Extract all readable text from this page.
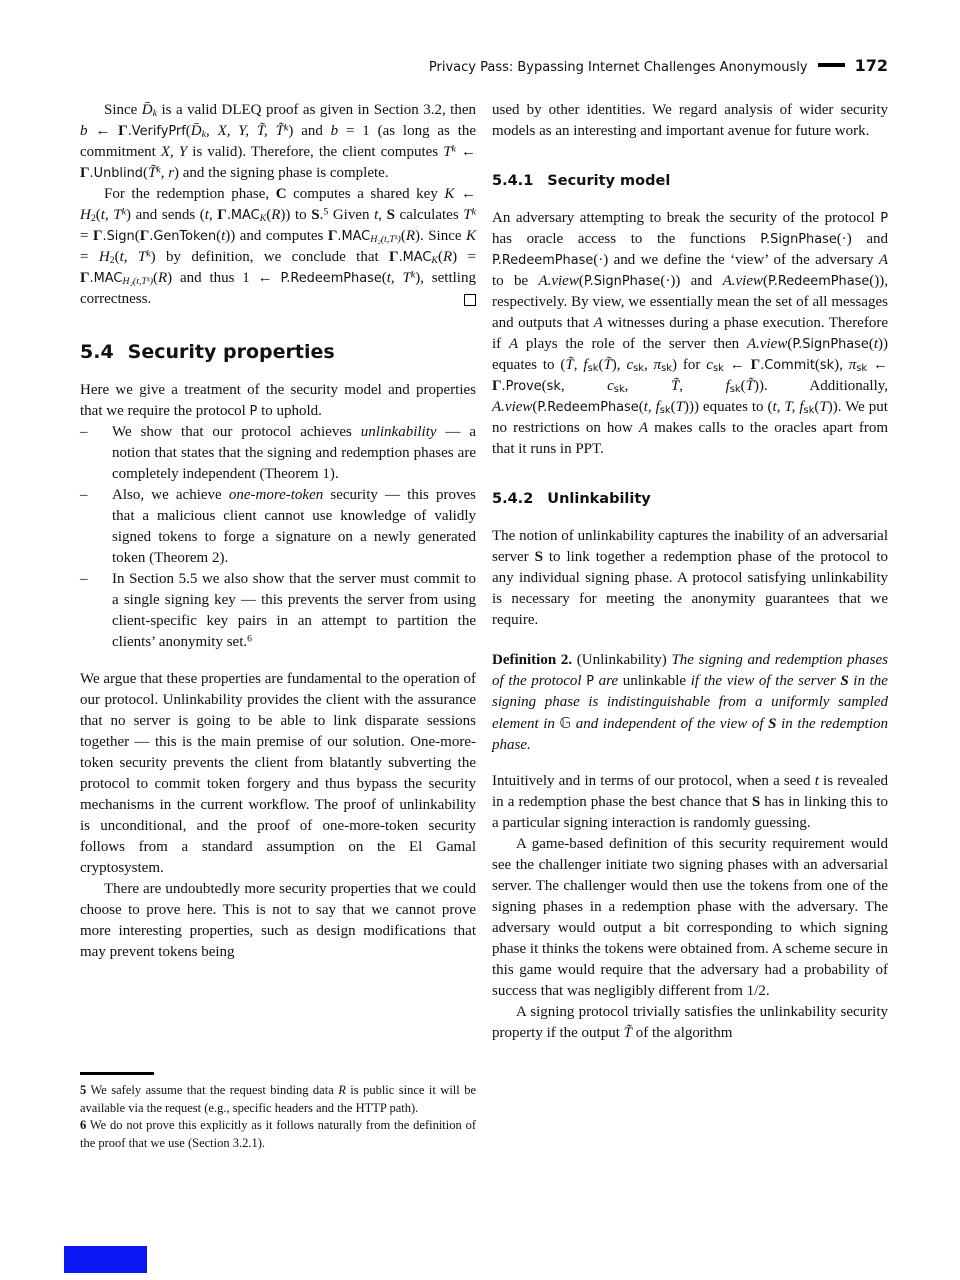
Privacy Pass: Bypassing Internet Challenges Anonymously	172

Since $D̄_k$ is a valid DLEQ proof as given in Section 3.2, then b ← $\Gamma.VerifyPrf(D̄_k$, X, Y, T̃, T̃$^k$) and b = 1 (as long as the commitment X, Y is valid). Therefore, the client computes $T^k$ ← Γ.Unblind(T̃$^k$, r) and the signing phase is complete.

For the redemption phase, C computes a shared key K ← $H_2(t$, $T^k$) and sends (t, $\Gamma.MAC_K(R)$) to S.$^5$ Given t, S calculates $T^k$ = Γ.Sign(Γ.GenToken(t)) and computes $\Gamma.MAC_{H_2(t,Tᵏ)}(R)$. Since $K = H_2(t$, $T^k$) by definition, we conclude that $\Gamma.MAC_K(R) = \Gamma.MAC_{H_2(t,Tᵏ)}(R)$ and thus 1 ← P.RedeemPhase(t, $T^k$), settling correctness.

5.4 Security properties

Here we give a treatment of the security model and properties that we require the protocol P to uphold.

–	We show that our protocol achieves unlinkability — a notion that states that the signing and redemption phases are completely independent (Theorem 1).
–	Also, we achieve one-more-token security — this proves that a malicious client cannot use knowledge of validly signed tokens to forge a signature on a newly generated token (Theorem 2).
–	In Section 5.5 we also show that the server must commit to a single signing key — this prevents the server from using client-specific key pairs in an attempt to partition the clients’ anonymity set.$^6$

We argue that these properties are fundamental to the operation of our protocol. Unlinkability provides the client with the assurance that no server is going to be able to link disparate sessions together — this is the main premise of our solution. One-more-token security prevents the client from blatantly subverting the protocol to commit token forgery and thus bypass the security mechanisms in the current workflow. The proof of unlinkability is unconditional, and the proof of one-more-token security follows from a standard assumption on the El Gamal cryptosystem.

There are undoubtedly more security properties that we could choose to prove here. This is not to say that we cannot prove more interesting properties, such as design modifications that may prevent tokens being

used by other identities. We regard analysis of wider security models as an interesting and important avenue for future work.

5.4.1 Security model

An adversary attempting to break the security of the protocol P has oracle access to the functions P.SignPhase(·) and P.RedeemPhase(·) and we define the ‘view’ of the adversary A to be A.view(P.SignPhase(·)) and A.view(P.RedeemPhase()), respectively. By view, we essentially mean the set of all messages and outputs that A witnesses during a phase execution. Therefore if A plays the role of the server then A.view(P.SignPhase(t)) equates to (T̃, $f_{sk}(T̃)$, $c_{sk}$, $\pi_{sk}$) for $c_{sk}$ ← Γ.Commit(sk), $\pi_{sk}$ ← Γ.Prove(sk, $c_{sk}$, T̃, $f_{sk}(T̃)$). Additionally, A.view(P.RedeemPhase(t, $f_{sk}(T)$)) equates to (t, T, $f_{sk}(T)$). We put no restrictions on how A makes calls to the oracles apart from that it runs in PPT.

5.4.2 Unlinkability

The notion of unlinkability captures the inability of an adversarial server S to link together a redemption phase of the protocol to any individual signing phase. A protocol satisfying unlinkability is necessary for meeting the anonymity guarantees that we require.

Definition 2. (Unlinkability) The signing and redemption phases of the protocol P are unlinkable if the view of the server S in the signing phase is indistinguishable from a uniformly sampled element in 𝔾 and independent of the view of S in the redemption phase.

Intuitively and in terms of our protocol, when a seed t is revealed in a redemption phase the best chance that S has in linking this to a particular signing interaction is randomly guessing.

A game-based definition of this security requirement would see the challenger initiate two signing phases with an adversarial server. The challenger would then use the tokens from one of the signing phases in a redemption phase with the adversary. The adversary would output a bit corresponding to which signing phase it thinks the tokens were obtained from. A scheme secure in this game would require that the adversary had a probability of success that was negligibly different from 1/2.

A signing protocol trivially satisfies the unlinkability security property if the output T̃ of the algorithm

5 We safely assume that the request binding data R is public since it will be available via the request (e.g., specific headers and the HTTP path).

6 We do not prove this explicitly as it follows naturally from the definition of the proof that we use (Section 3.2.1).
